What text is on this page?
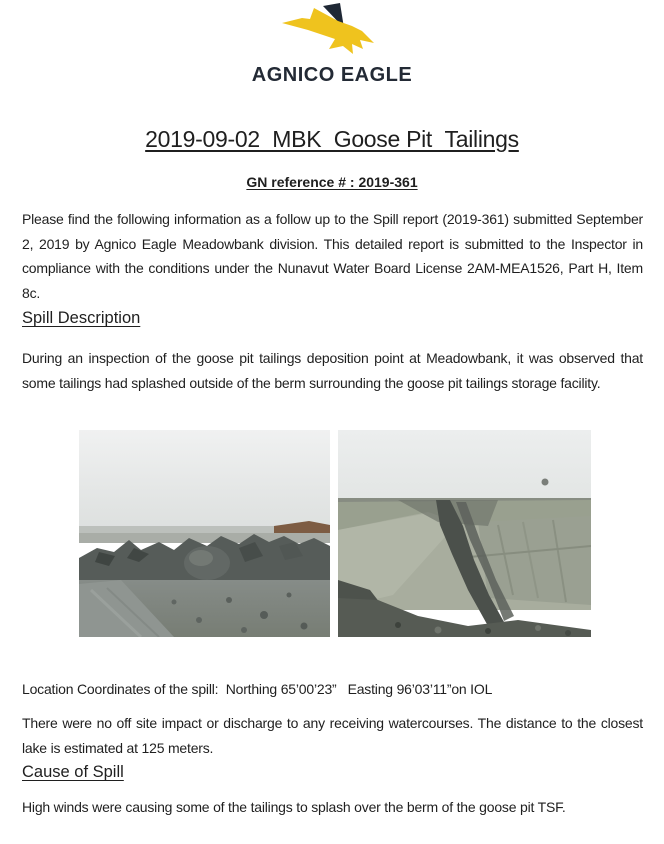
AGNICO EAGLE
2019-09-02_MBK_Goose Pit_Tailings
GN reference # : 2019-361
Please find the following information as a follow up to the Spill report (2019-361) submitted September 2, 2019 by Agnico Eagle Meadowbank division. This detailed report is submitted to the Inspector in compliance with the conditions under the Nunavut Water Board License 2AM-MEA1526, Part H, Item 8c.
Spill Description
During an inspection of the goose pit tailings deposition point at Meadowbank, it was observed that some tailings had splashed outside of the berm surrounding the goose pit tailings storage facility.
Location Coordinates of the spill:  Northing 65’00’23”   Easting 96’03’11”on IOL
There were no off site impact or discharge to any receiving watercourses. The distance to the closest lake is estimated at 125 meters.
Cause of Spill
High winds were causing some of the tailings to splash over the berm of the goose pit TSF.
